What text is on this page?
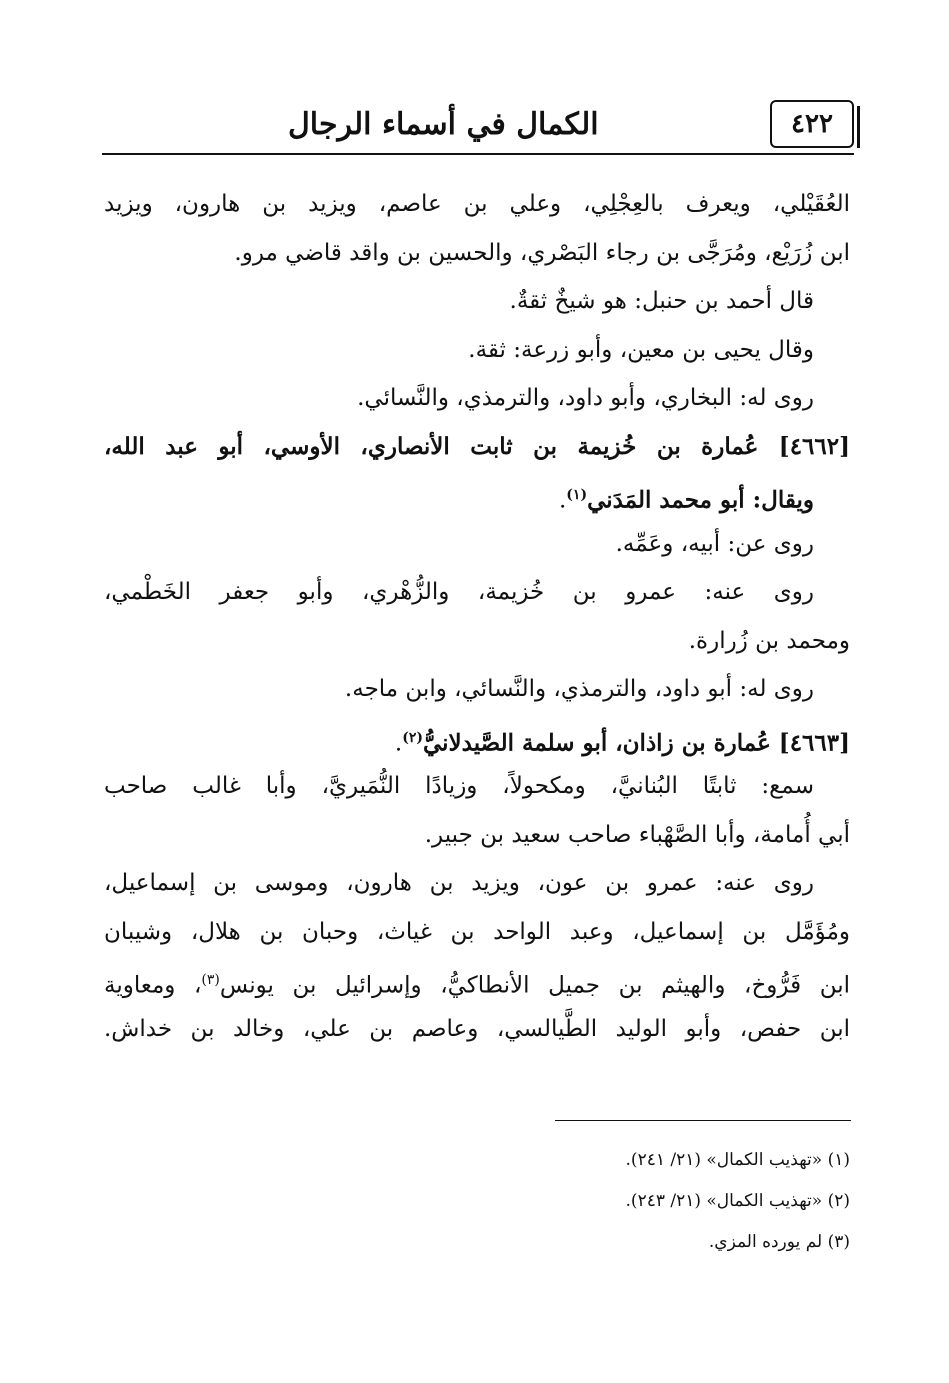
الكمال في أسماء الرجال	٤٢٢
العُقَيْلي، ويعرف بالعِجْلِي، وعلي بن عاصم، ويزيد بن هارون، ويزيد
ابن زُرَيْع، ومُرَجَّى بن رجاء البَصْري، والحسين بن واقد قاضي مرو.
قال أحمد بن حنبل: هو شيخٌ ثقةٌ.
وقال يحيى بن معين، وأبو زرعة: ثقة.
روى له: البخاري، وأبو داود، والترمذي، والنَّسائي.
[٤٦٦٢] عُمارة بن خُزيمة بن ثابت الأنصاري، الأوسي، أبو عبد الله،
ويقال: أبو محمد المَدَني$^{(١)}$.
روى عن: أبيه، وعَمِّه.
روى عنه: عمرو بن خُزيمة، والزُّهْري، وأبو جعفر الخَطْمي،
ومحمد بن زُرارة.
روى له: أبو داود، والترمذي، والنَّسائي، وابن ماجه.
[٤٦٦٣] عُمارة بن زاذان، أبو سلمة الصَّيدلانيُّ$^{(٢)}$.
سمع: ثابتًا البُنانيَّ، ومكحولاً، وزيادًا النُّمَيريَّ، وأبا غالب صاحب
أبي أُمامة، وأبا الصَّهْباء صاحب سعيد بن جبير.
روى عنه: عمرو بن عون، ويزيد بن هارون، وموسى بن إسماعيل،
ومُؤَمَّل بن إسماعيل، وعبد الواحد بن غياث، وحبان بن هلال، وشيبان
ابن فَرُّوخ، والهيثم بن جميل الأنطاكيُّ، وإسرائيل بن يونس$^{(٣)}$، ومعاوية
ابن حفص، وأبو الوليد الطَّيالسي، وعاصم بن علي، وخالد بن خداش.
(١) «تهذيب الكمال» (٢١/ ٢٤١).
(٢) «تهذيب الكمال» (٢١/ ٢٤٣).
(٣) لم يورده المزي.
